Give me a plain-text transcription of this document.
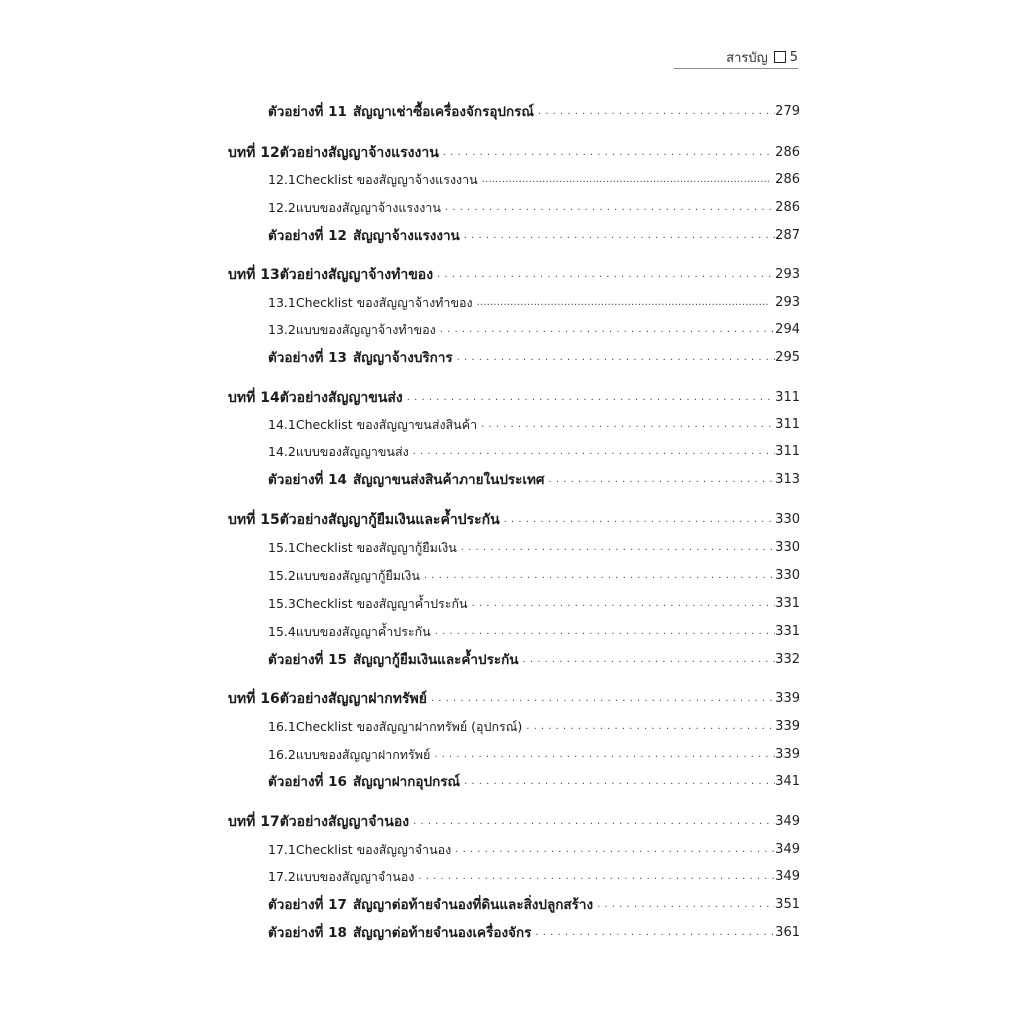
สารบัญ 5
ตัวอย่างที่ 11 สัญญาเช่าซื้อเครื่องจักรอุปกรณ์ . . .	279
บทที่ 12 ตัวอย่างสัญญาจ้างแรงงาน . . .	286
12.1 Checklist ของสัญญาจ้างแรงงาน . . .	286
12.2 แบบของสัญญาจ้างแรงงาน . . .	286
ตัวอย่างที่ 12 สัญญาจ้างแรงงาน . . .	287
บทที่ 13 ตัวอย่างสัญญาจ้างทำของ . . .	293
13.1 Checklist ของสัญญาจ้างทำของ . . .	293
13.2 แบบของสัญญาจ้างทำของ . . .	294
ตัวอย่างที่ 13 สัญญาจ้างบริการ . . .	295
บทที่ 14 ตัวอย่างสัญญาขนส่ง . . .	311
14.1 Checklist ของสัญญาขนส่งสินค้า . . .	311
14.2 แบบของสัญญาขนส่ง . . .	311
ตัวอย่างที่ 14 สัญญาขนส่งสินค้าภายในประเทศ . . .	313
บทที่ 15 ตัวอย่างสัญญากู้ยืมเงินและค้ำประกัน . . .	330
15.1 Checklist ของสัญญากู้ยืมเงิน . . .	330
15.2 แบบของสัญญากู้ยืมเงิน . . .	330
15.3 Checklist ของสัญญาค้ำประกัน . . .	331
15.4 แบบของสัญญาค้ำประกัน . . .	331
ตัวอย่างที่ 15 สัญญากู้ยืมเงินและค้ำประกัน . . .	332
บทที่ 16 ตัวอย่างสัญญาฝากทรัพย์ . . .	339
16.1 Checklist ของสัญญาฝากทรัพย์ (อุปกรณ์) . . .	339
16.2 แบบของสัญญาฝากทรัพย์ . . .	339
ตัวอย่างที่ 16 สัญญาฝากอุปกรณ์ . . .	341
บทที่ 17 ตัวอย่างสัญญาจำนอง . . .	349
17.1 Checklist ของสัญญาจำนอง . . .	349
17.2 แบบของสัญญาจำนอง . . .	349
ตัวอย่างที่ 17 สัญญาต่อท้ายจำนองที่ดินและสิ่งปลูกสร้าง . . .	351
ตัวอย่างที่ 18 สัญญาต่อท้ายจำนองเครื่องจักร . . .	361
